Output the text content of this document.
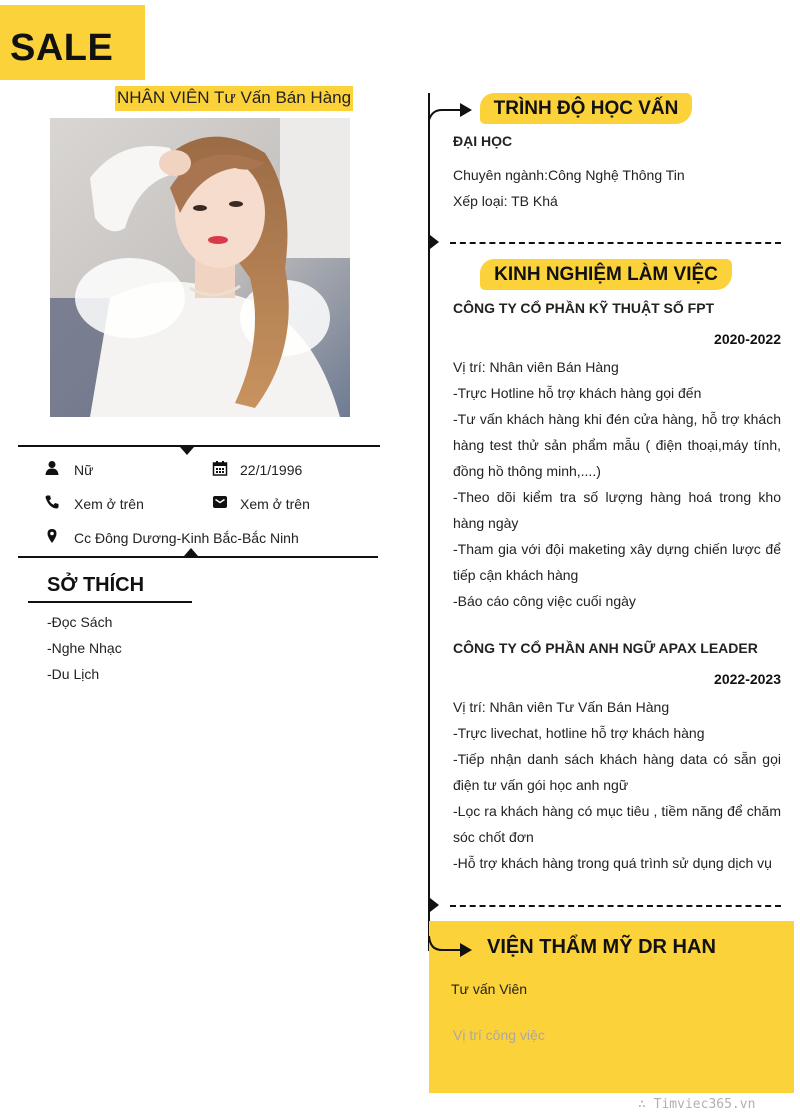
SALE
NHÂN VIÊN Tư Vấn Bán Hàng
Nữ	22/1/1996
Xem ở trên	Xem ở trên
Cc Đông Dương-Kinh Bắc-Bắc Ninh
SỞ THÍCH
-Đọc Sách
-Nghe Nhạc
-Du Lịch
TRÌNH ĐỘ HỌC VẤN
ĐẠI HỌC
Chuyên ngành:Công Nghệ Thông Tin
Xếp loại: TB Khá
KINH NGHIỆM LÀM VIỆC
CÔNG TY CỔ PHẦN KỸ THUẬT SỐ FPT
2020-2022
Vị trí: Nhân viên Bán Hàng
-Trực Hotline hỗ trợ khách hàng gọi đến
-Tư vấn khách hàng khi đén cửa hàng, hỗ trợ khách hàng test thử sản phẩm mẫu ( điện thoại,máy tính, đồng hồ thông minh,....)
-Theo dõi kiểm tra số lượng hàng hoá trong kho hàng ngày
-Tham gia với đội maketing xây dựng chiến lược để tiếp cận khách hàng
-Báo cáo công việc cuối ngày
CÔNG TY CỔ PHẦN ANH NGỮ APAX LEADER
2022-2023
Vị trí: Nhân viên Tư Vấn Bán Hàng
-Trực livechat, hotline hỗ trợ khách hàng
-Tiếp nhận danh sách khách hàng data có sẵn gọi điện tư vấn gói học anh ngữ
-Lọc ra khách hàng có mục tiêu , tiềm năng để chăm sóc chốt đơn
-Hỗ trợ khách hàng trong quá trình sử dụng dịch vụ
VIỆN THẨM MỸ DR HAN
Tư vấn Viên
Vị trí công việc
∴ Timviec365.vn
